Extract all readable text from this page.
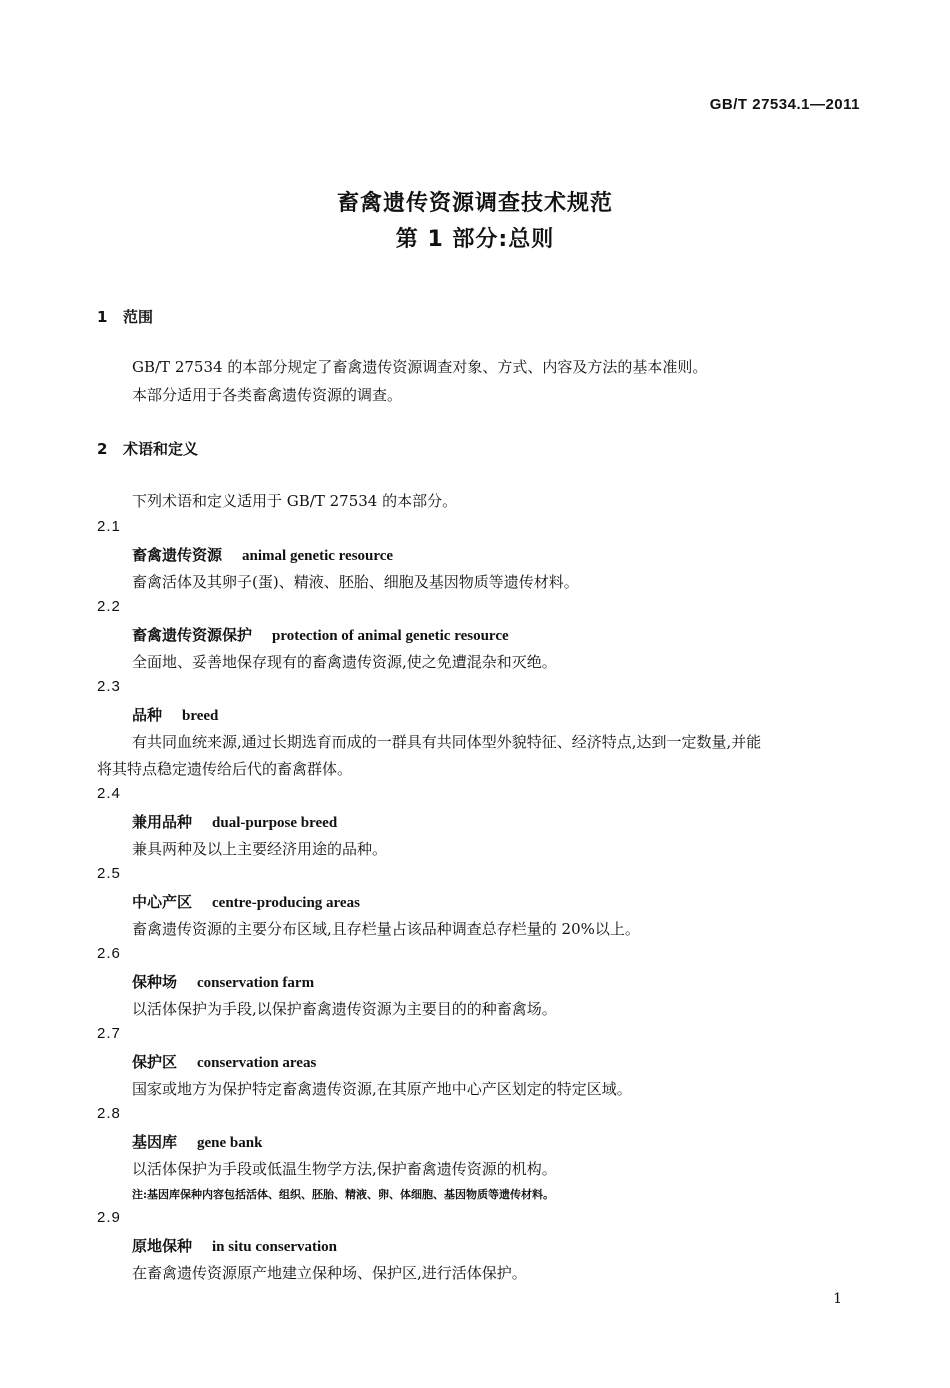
GB/T 27534.1—2011
畜禽遗传资源调查技术规范
第 1 部分:总则
1 范围
GB/T 27534 的本部分规定了畜禽遗传资源调查对象、方式、内容及方法的基本准则。
本部分适用于各类畜禽遗传资源的调查。
2 术语和定义
下列术语和定义适用于 GB/T 27534 的本部分。
2.1
畜禽遗传资源 animal genetic resource
畜禽活体及其卵子(蛋)、精液、胚胎、细胞及基因物质等遗传材料。
2.2
畜禽遗传资源保护 protection of animal genetic resource
全面地、妥善地保存现有的畜禽遗传资源,使之免遭混杂和灭绝。
2.3
品种 breed
有共同血统来源,通过长期选育而成的一群具有共同体型外貌特征、经济特点,达到一定数量,并能
将其特点稳定遗传给后代的畜禽群体。
2.4
兼用品种 dual-purpose breed
兼具两种及以上主要经济用途的品种。
2.5
中心产区 centre-producing areas
畜禽遗传资源的主要分布区域,且存栏量占该品种调查总存栏量的 20%以上。
2.6
保种场 conservation farm
以活体保护为手段,以保护畜禽遗传资源为主要目的的种畜禽场。
2.7
保护区 conservation areas
国家或地方为保护特定畜禽遗传资源,在其原产地中心产区划定的特定区域。
2.8
基因库 gene bank
以活体保护为手段或低温生物学方法,保护畜禽遗传资源的机构。
注:基因库保种内容包括活体、组织、胚胎、精液、卵、体细胞、基因物质等遗传材料。
2.9
原地保种 in situ conservation
在畜禽遗传资源原产地建立保种场、保护区,进行活体保护。
1
